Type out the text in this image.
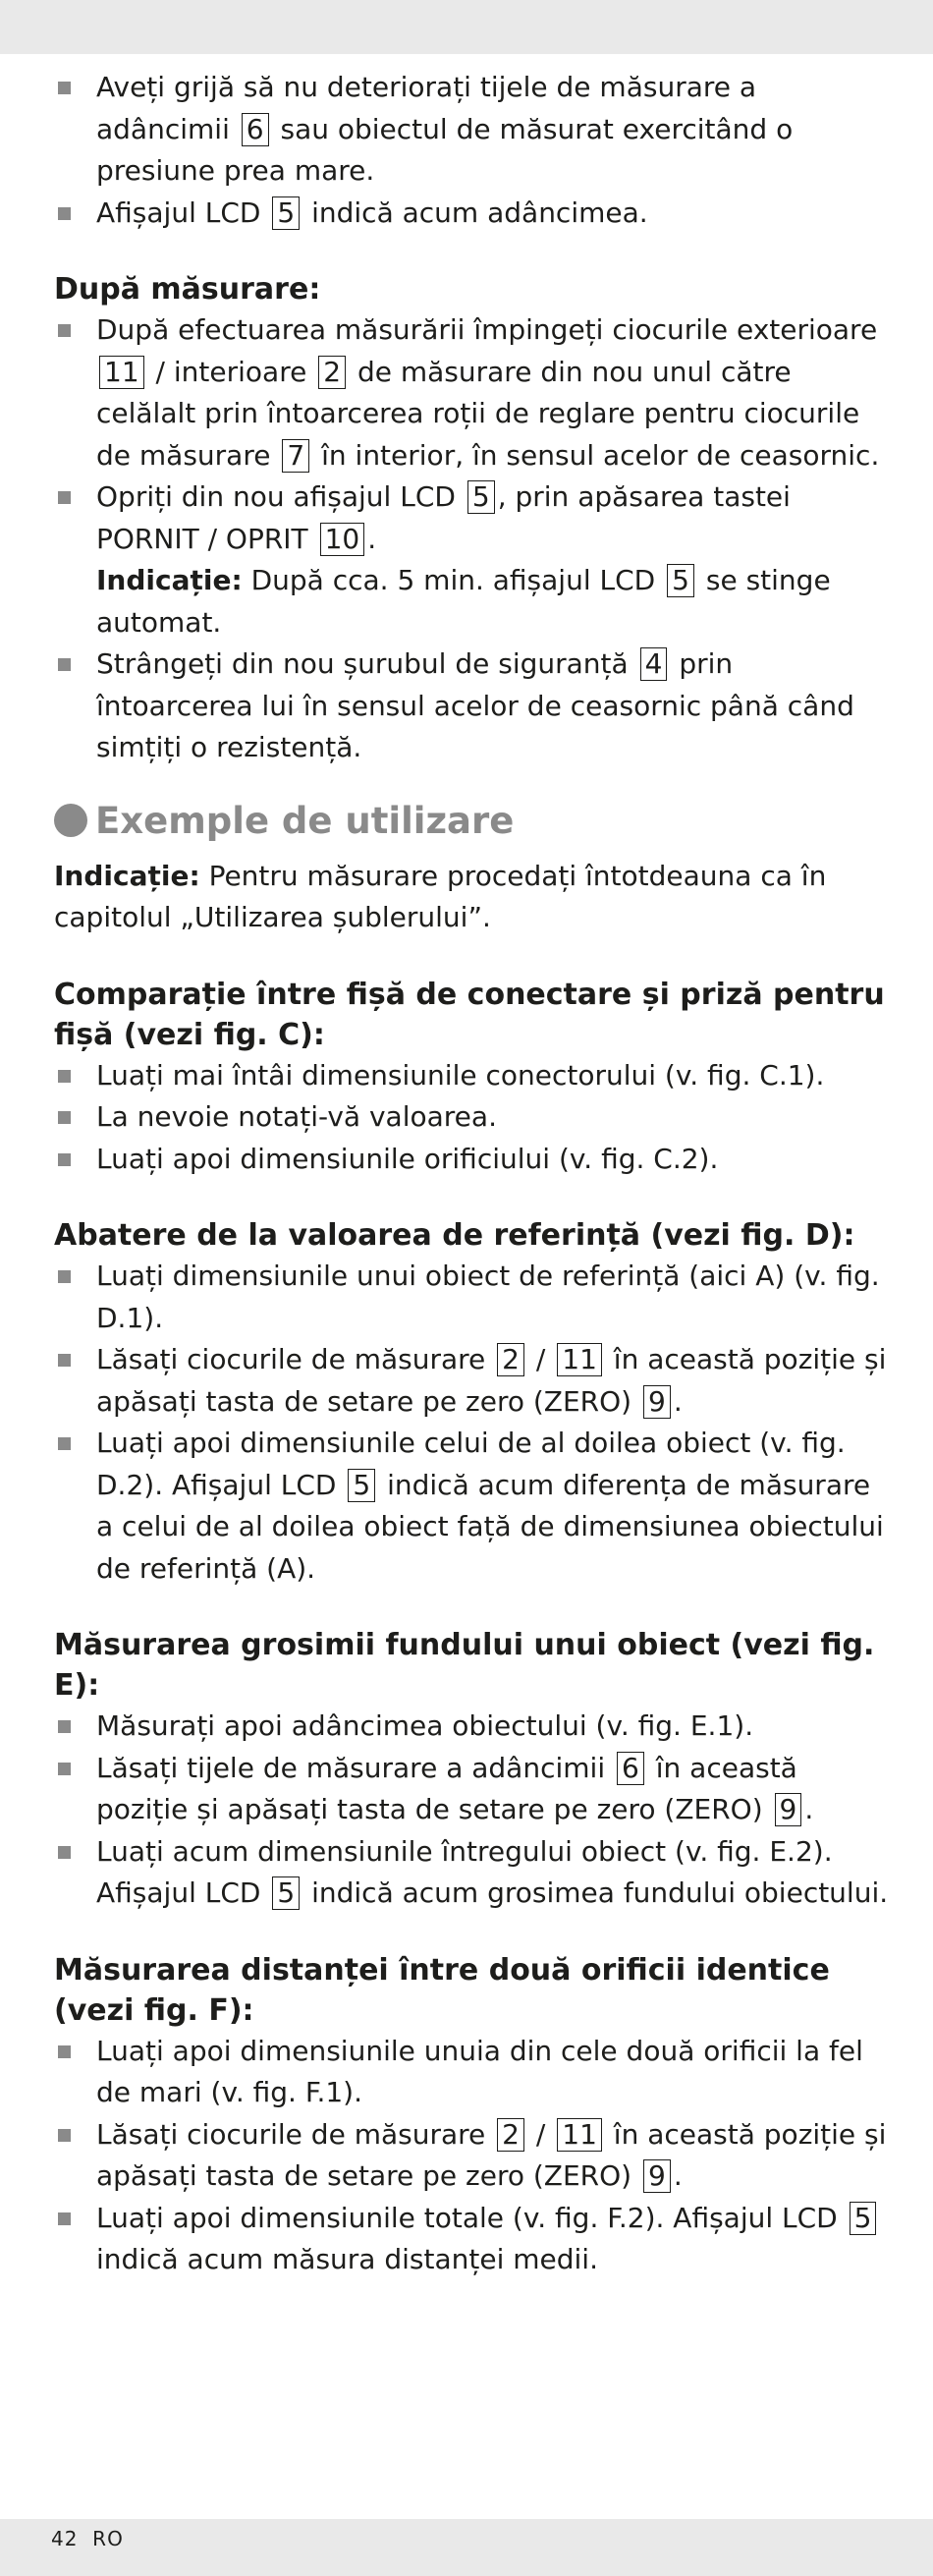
Aveți grijă să nu deteriorați tijele de măsurare a adâncimii 6 sau obiectul de măsurat exercitând o presiune prea mare.
Afișajul LCD 5 indică acum adâncimea.

După măsurare:

După efectuarea măsurării împingeți ciocurile exterioare 11 / interioare 2 de măsurare din nou unul către celălalt prin întoarcerea roții de reglare pentru ciocurile de măsurare 7 în interior, în sensul acelor de ceasornic.
Opriți din nou afișajul LCD 5 , prin apăsarea tastei PORNIT / OPRIT 10 .
Indicație: După cca. 5 min. afișajul LCD 5 se stinge automat.
Strângeți din nou șurubul de siguranță 4 prin întoarcerea lui în sensul acelor de ceasornic până când simțiți o rezistență.
Exemple de utilizare

Indicație: Pentru măsurare procedați întotdeauna ca în capitolul „Utilizarea șublerului”.

Comparație între fișă de conectare și priză pentru fișă (vezi fig. C):

Luați mai întâi dimensiunile conectorului (v. fig. C.1).
La nevoie notați-vă valoarea.
Luați apoi dimensiunile orificiului (v. fig. C.2).

Abatere de la valoarea de referință (vezi fig. D):

Luați dimensiunile unui obiect de referință (aici A) (v. fig. D.1).
Lăsați ciocurile de măsurare 2 / 11 în această poziție și apăsați tasta de setare pe zero (ZERO) 9 .
Luați apoi dimensiunile celui de al doilea obiect (v. fig. D.2). Afișajul LCD 5 indică acum diferența de măsurare a celui de al doilea obiect față de dimensiunea obiectului de referință (A).

Măsurarea grosimii fundului unui obiect (vezi fig. E):

Măsurați apoi adâncimea obiectului (v. fig. E.1).
Lăsați tijele de măsurare a adâncimii 6 în această poziție și apăsați tasta de setare pe zero (ZERO) 9 .
Luați acum dimensiunile întregului obiect (v. fig. E.2). Afișajul LCD 5 indică acum grosimea fundului obiectului.

Măsurarea distanței între două orificii identice (vezi fig. F):

Luați apoi dimensiunile unuia din cele două orificii la fel de mari (v. fig. F.1).
Lăsați ciocurile de măsurare 2 / 11 în această poziție și apăsați tasta de setare pe zero (ZERO) 9 .
Luați apoi dimensiunile totale (v. fig. F.2). Afișajul LCD 5 indică acum măsura distanței medii.
42 RO
